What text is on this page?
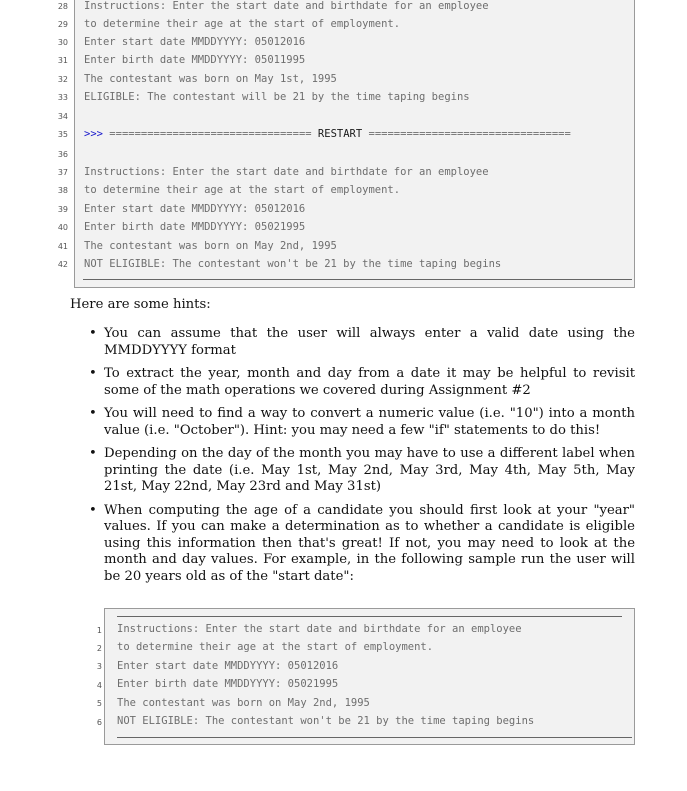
28 Instructions: Enter the start date and birthdate for an employee
29 to determine their age at the start of employment.
30 Enter start date MMDDYYYY: 05012016
31 Enter birth date MMDDYYYY: 05011995
32 The contestant was born on May 1st, 1995
33 ELIGIBLE: The contestant will be 21 by the time taping begins
34
35 >>> ================================ RESTART ================================
36
37 Instructions: Enter the start date and birthdate for an employee
38 to determine their age at the start of employment.
39 Enter start date MMDDYYYY: 05012016
40 Enter birth date MMDDYYYY: 05021995
41 The contestant was born on May 2nd, 1995
42 NOT ELIGIBLE: The contestant won't be 21 by the time taping begins
Here are some hints:
• You can assume that the user will always enter a valid date using the MMDDYYYY format
• To extract the year, month and day from a date it may be helpful to revisit some of the math operations we covered during Assignment #2
• You will need to find a way to convert a numeric value (i.e. "10") into a month value (i.e. "October"). Hint: you may need a few "if" statements to do this!
• Depending on the day of the month you may have to use a different label when printing the date (i.e. May 1st, May 2nd, May 3rd, May 4th, May 5th, May 21st, May 22nd, May 23rd and May 31st)
• When computing the age of a candidate you should first look at your "year" values. If you can make a determination as to whether a candidate is eligible using this information then that's great! If not, you may need to look at the month and day values. For example, in the following sample run the user will be 20 years old as of the "start date":
1 Instructions: Enter the start date and birthdate for an employee
2 to determine their age at the start of employment.
3 Enter start date MMDDYYYY: 05012016
4 Enter birth date MMDDYYYY: 05021995
5 The contestant was born on May 2nd, 1995
6 NOT ELIGIBLE: The contestant won't be 21 by the time taping begins
